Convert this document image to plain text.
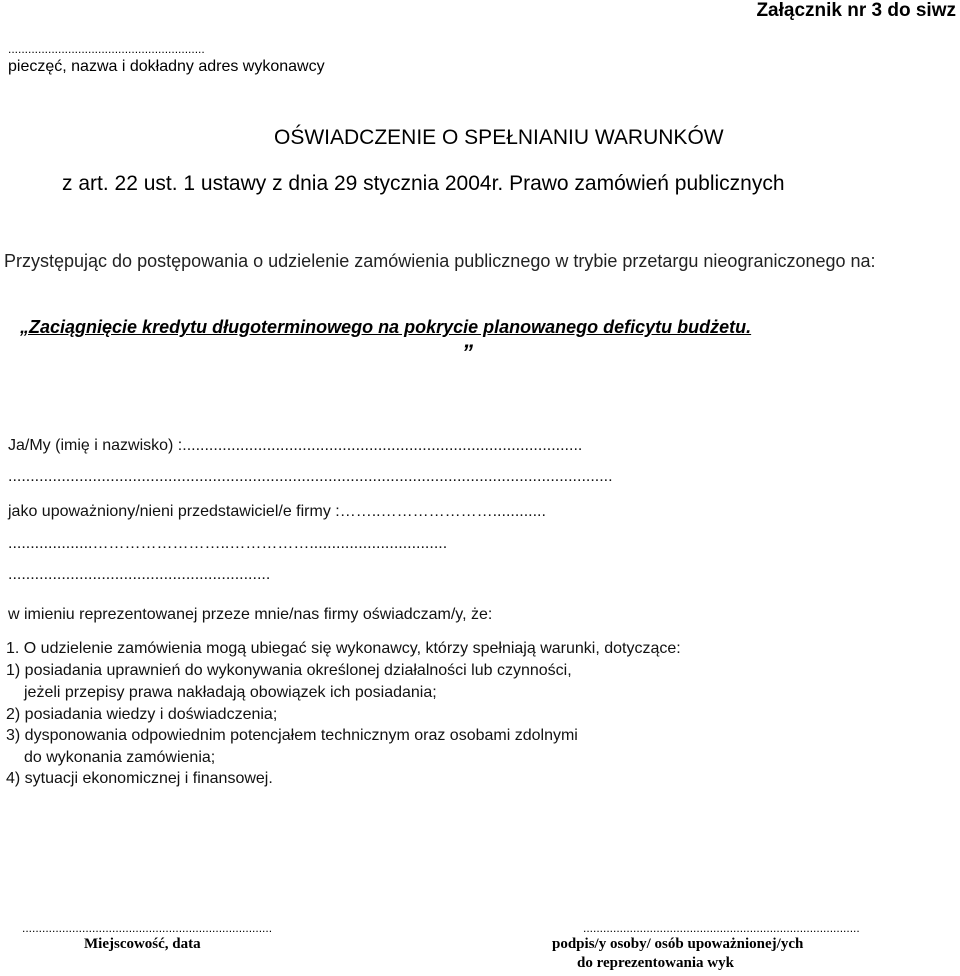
Załącznik nr 3 do siwz
...........................................................
pieczęć, nazwa i dokładny adres wykonawcy
OŚWIADCZENIE O SPEŁNIANIU WARUNKÓW
z art. 22 ust. 1 ustawy z dnia 29 stycznia 2004r. Prawo zamówień publicznych
Przystępując do postępowania o udzielenie zamówienia publicznego w trybie przetargu nieograniczonego na:
„Zaciągnięcie kredytu długoterminowego na pokrycie planowanego deficytu budżetu.
”
Ja/My (imię i nazwisko) :..........................................................................................
........................................................................................................................................
jako upoważniony/nieni przedstawiciel/e firmy :……..…………………............
...................……………………..……………...............................
...........................................................
w imieniu reprezentowanej przeze mnie/nas firmy oświadczam/y, że:
1. O udzielenie zamówienia mogą ubiegać się wykonawcy, którzy spełniają warunki, dotyczące:
1) posiadania uprawnień do wykonywania określonej działalności lub czynności,
jeżeli przepisy prawa nakładają obowiązek ich posiadania;
2) posiadania wiedzy i doświadczenia;
3) dysponowania odpowiednim potencjałem technicznym oraz osobami zdolnymi
do wykonania zamówienia;
4) sytuacji ekonomicznej i finansowej.
...........................................................................	...................................................................................
Miejscowość, data	podpis/y osoby/ osób upoważnionej/ych
do reprezentowania wyk
